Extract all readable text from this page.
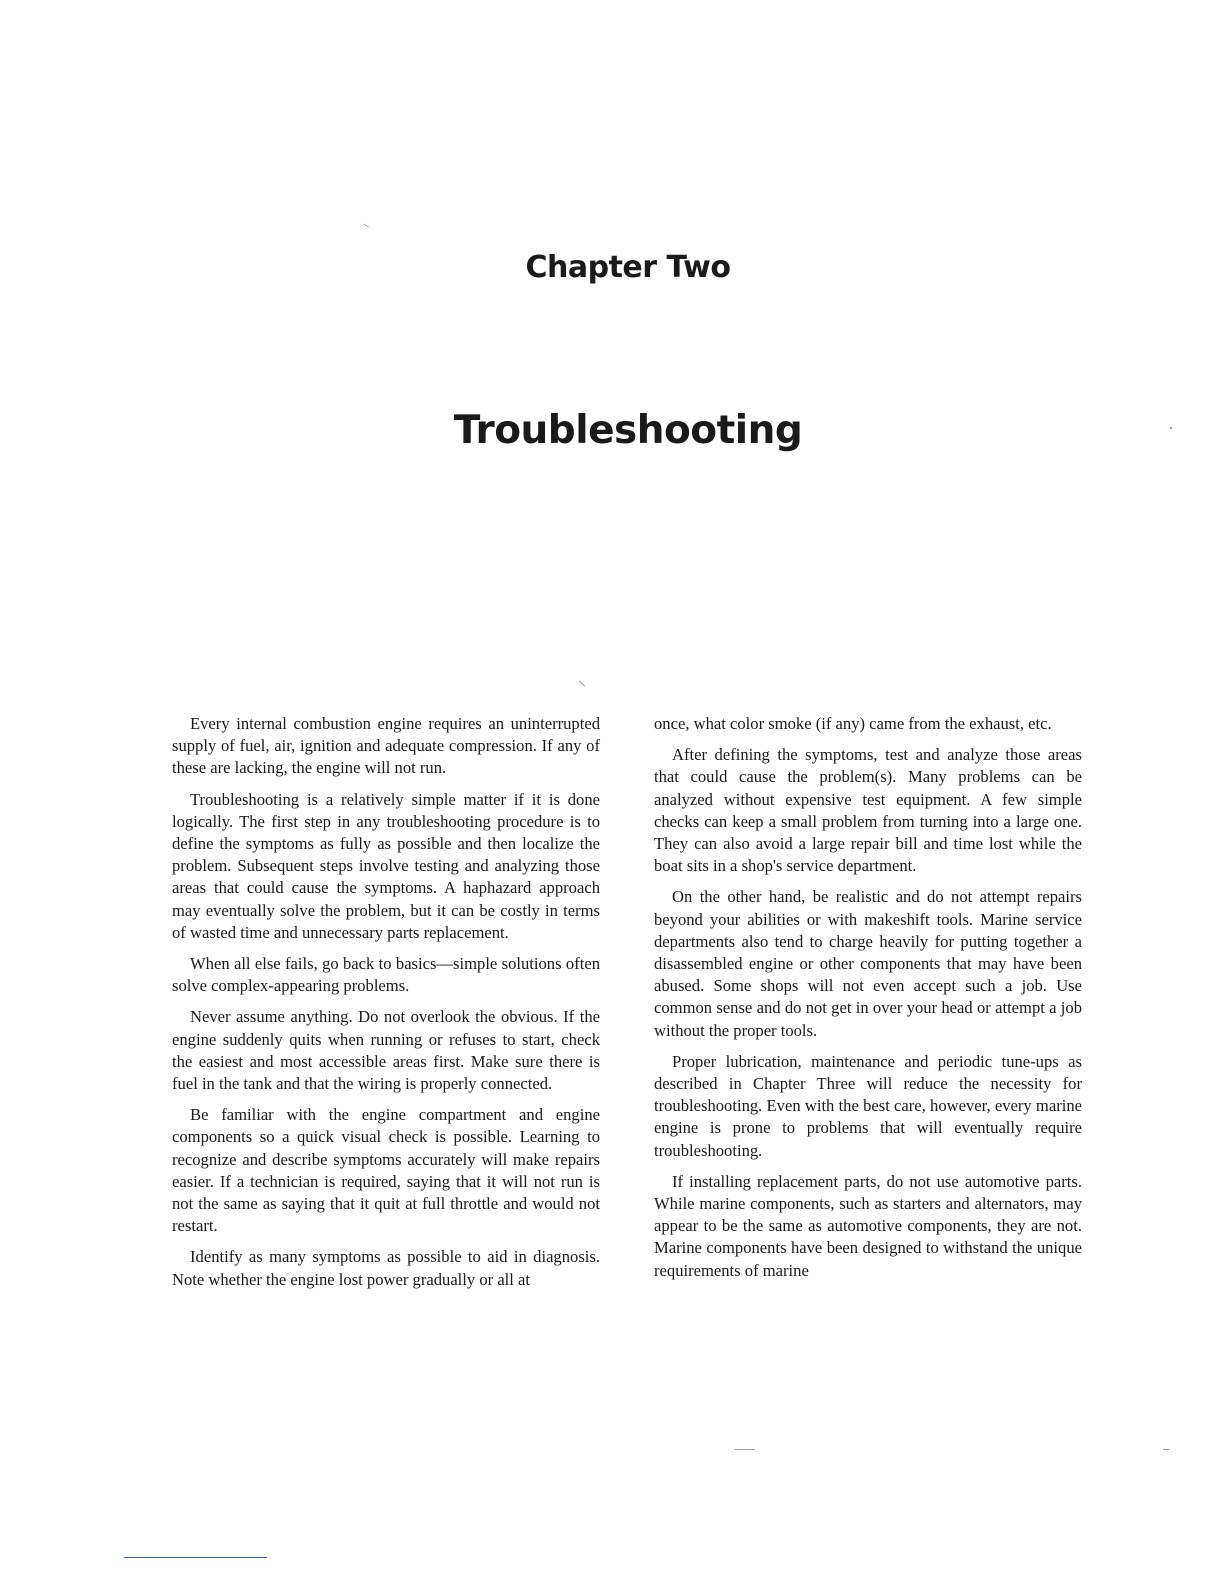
Chapter Two
Troubleshooting

Every internal combustion engine requires an uninterrupted supply of fuel, air, ignition and adequate compression. If any of these are lacking, the engine will not run.

Troubleshooting is a relatively simple matter if it is done logically. The first step in any troubleshooting procedure is to define the symptoms as fully as possible and then localize the problem. Subsequent steps involve testing and analyzing those areas that could cause the symptoms. A haphazard approach may eventually solve the problem, but it can be costly in terms of wasted time and unnecessary parts replacement.

When all else fails, go back to basics—simple solutions often solve complex-appearing problems.

Never assume anything. Do not overlook the obvious. If the engine suddenly quits when running or refuses to start, check the easiest and most accessible areas first. Make sure there is fuel in the tank and that the wiring is properly connected.

Be familiar with the engine compartment and engine components so a quick visual check is possible. Learning to recognize and describe symptoms accurately will make repairs easier. If a technician is required, saying that it will not run is not the same as saying that it quit at full throttle and would not restart.

Identify as many symptoms as possible to aid in diagnosis. Note whether the engine lost power gradually or all at

once, what color smoke (if any) came from the exhaust, etc.

After defining the symptoms, test and analyze those areas that could cause the problem(s). Many problems can be analyzed without expensive test equipment. A few simple checks can keep a small problem from turning into a large one. They can also avoid a large repair bill and time lost while the boat sits in a shop's service department.

On the other hand, be realistic and do not attempt repairs beyond your abilities or with makeshift tools. Marine service departments also tend to charge heavily for putting together a disassembled engine or other components that may have been abused. Some shops will not even accept such a job. Use common sense and do not get in over your head or attempt a job without the proper tools.

Proper lubrication, maintenance and periodic tune-ups as described in Chapter Three will reduce the necessity for troubleshooting. Even with the best care, however, every marine engine is prone to problems that will eventually require troubleshooting.

If installing replacement parts, do not use automotive parts. While marine components, such as starters and alternators, may appear to be the same as automotive components, they are not. Marine components have been designed to withstand the unique requirements of marine
